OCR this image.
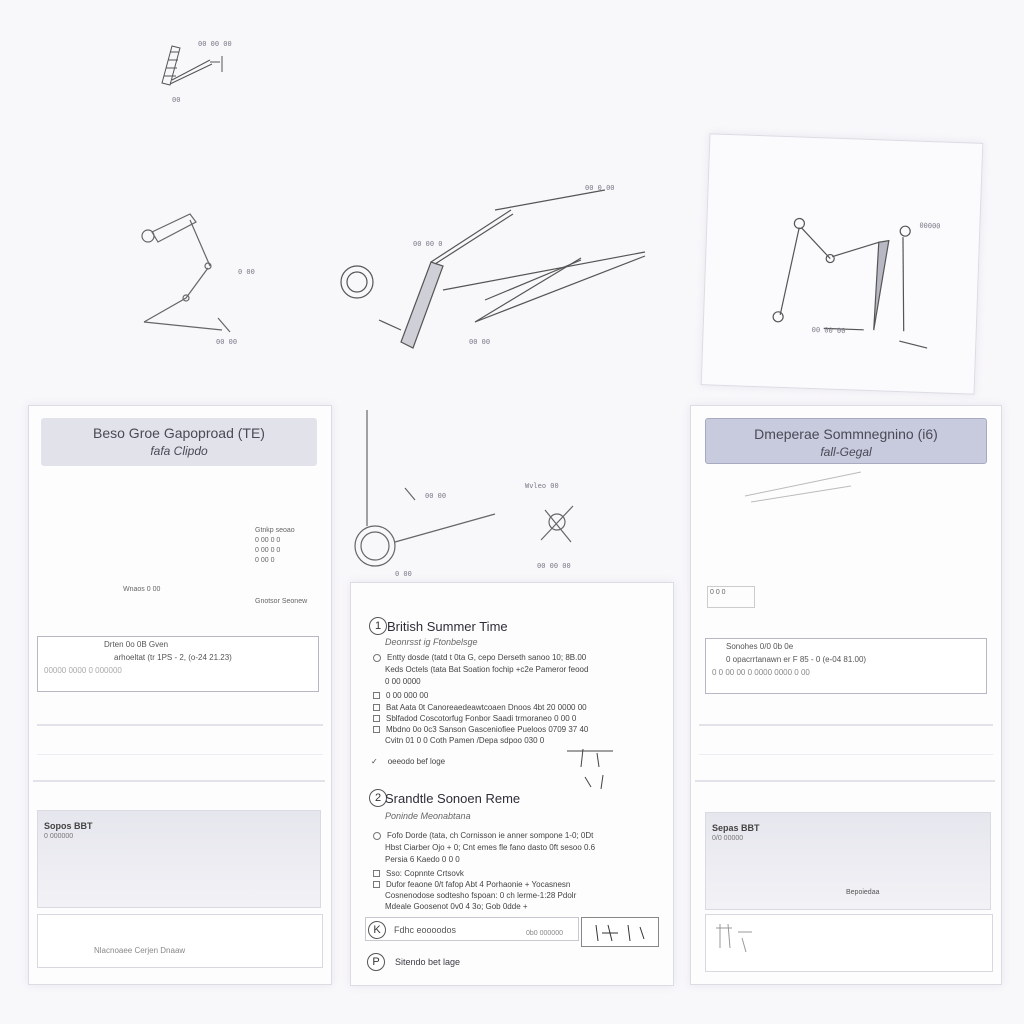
00 00 00
00
0 00
00 00
00 00 0
00 00
00 0 00
00000
00 00 00
00 00
Wvleo 00
00 00 00
0 00
Beso Groe Gapoproad (TE)
fafa Clipdo
Gtnkp seoao
0 00 0 0
0 00 0 0
0 00 0
Wnaos 0 00
Gnotsor Seonew
Drten 0o 0B Gven
arhoeltat (tr 1PS - 2, (o-24 21.23)
00000 0000 0 000000
Sopos BBT
0 000000
Nlacnoaee Cerjen Dnaaw
1 British Summer Time
Deonrsst ig Ftonbelsge
Entty dosde (tatd t 0ta G, cepo Derseth sanoo 10; 8B.00
Keds Octels (tata Bat Soation fochip +c2e Pameror feood
0 00 0000
0 00 000 00
Bat Aata 0t Canoreaedeawtcoaen Dnoos 4bt 20 0000 00
Sblfadod Coscotorfug Fonbor Saadi trmoraneo 0 00 0
Mbdno 0o 0c3 Sanson Gasceniofiee Pueloos 0709 37 40
Cvitn 01 0 0 Coth Pamen /Depa sdpoo 030 0
✓ oeeodo bef loge
2 Srandtle Sonoen Reme
Poninde Meonabtana
Fofo Dorde (tata, ch Cornisson ie anner sompone 1-0; 0Dt
Hbst Ciarber Ojo + 0; Cnt emes fle fano dasto 0ft sesoo 0.6
Persia 6 Kaedo 0 0 0
Sso: Copnnte Crtsovk
Dufor feaone 0/t fafop Abt 4 Porhaonie + Yocasnesn
Cosnenodose sodtesho fspoan: 0 ch lerme-1:28 Pdolr
Mdeale Goosenot 0v0 4 3o; Gob 0dde +
K	Fdhc eoooodos	0b0 000000
P	Sitendo bet lage
Dmeperae Sommnegnino (i6)
fall-Gegal
0 0 0
Sonohes 0/0 0b 0e
0 opacrrtanawn er F 85 - 0 (e-04 81.00)
0 0 00 00 0 0000 0000 0 00
Sepas BBT
0/0 00000
Bepoiedaa
